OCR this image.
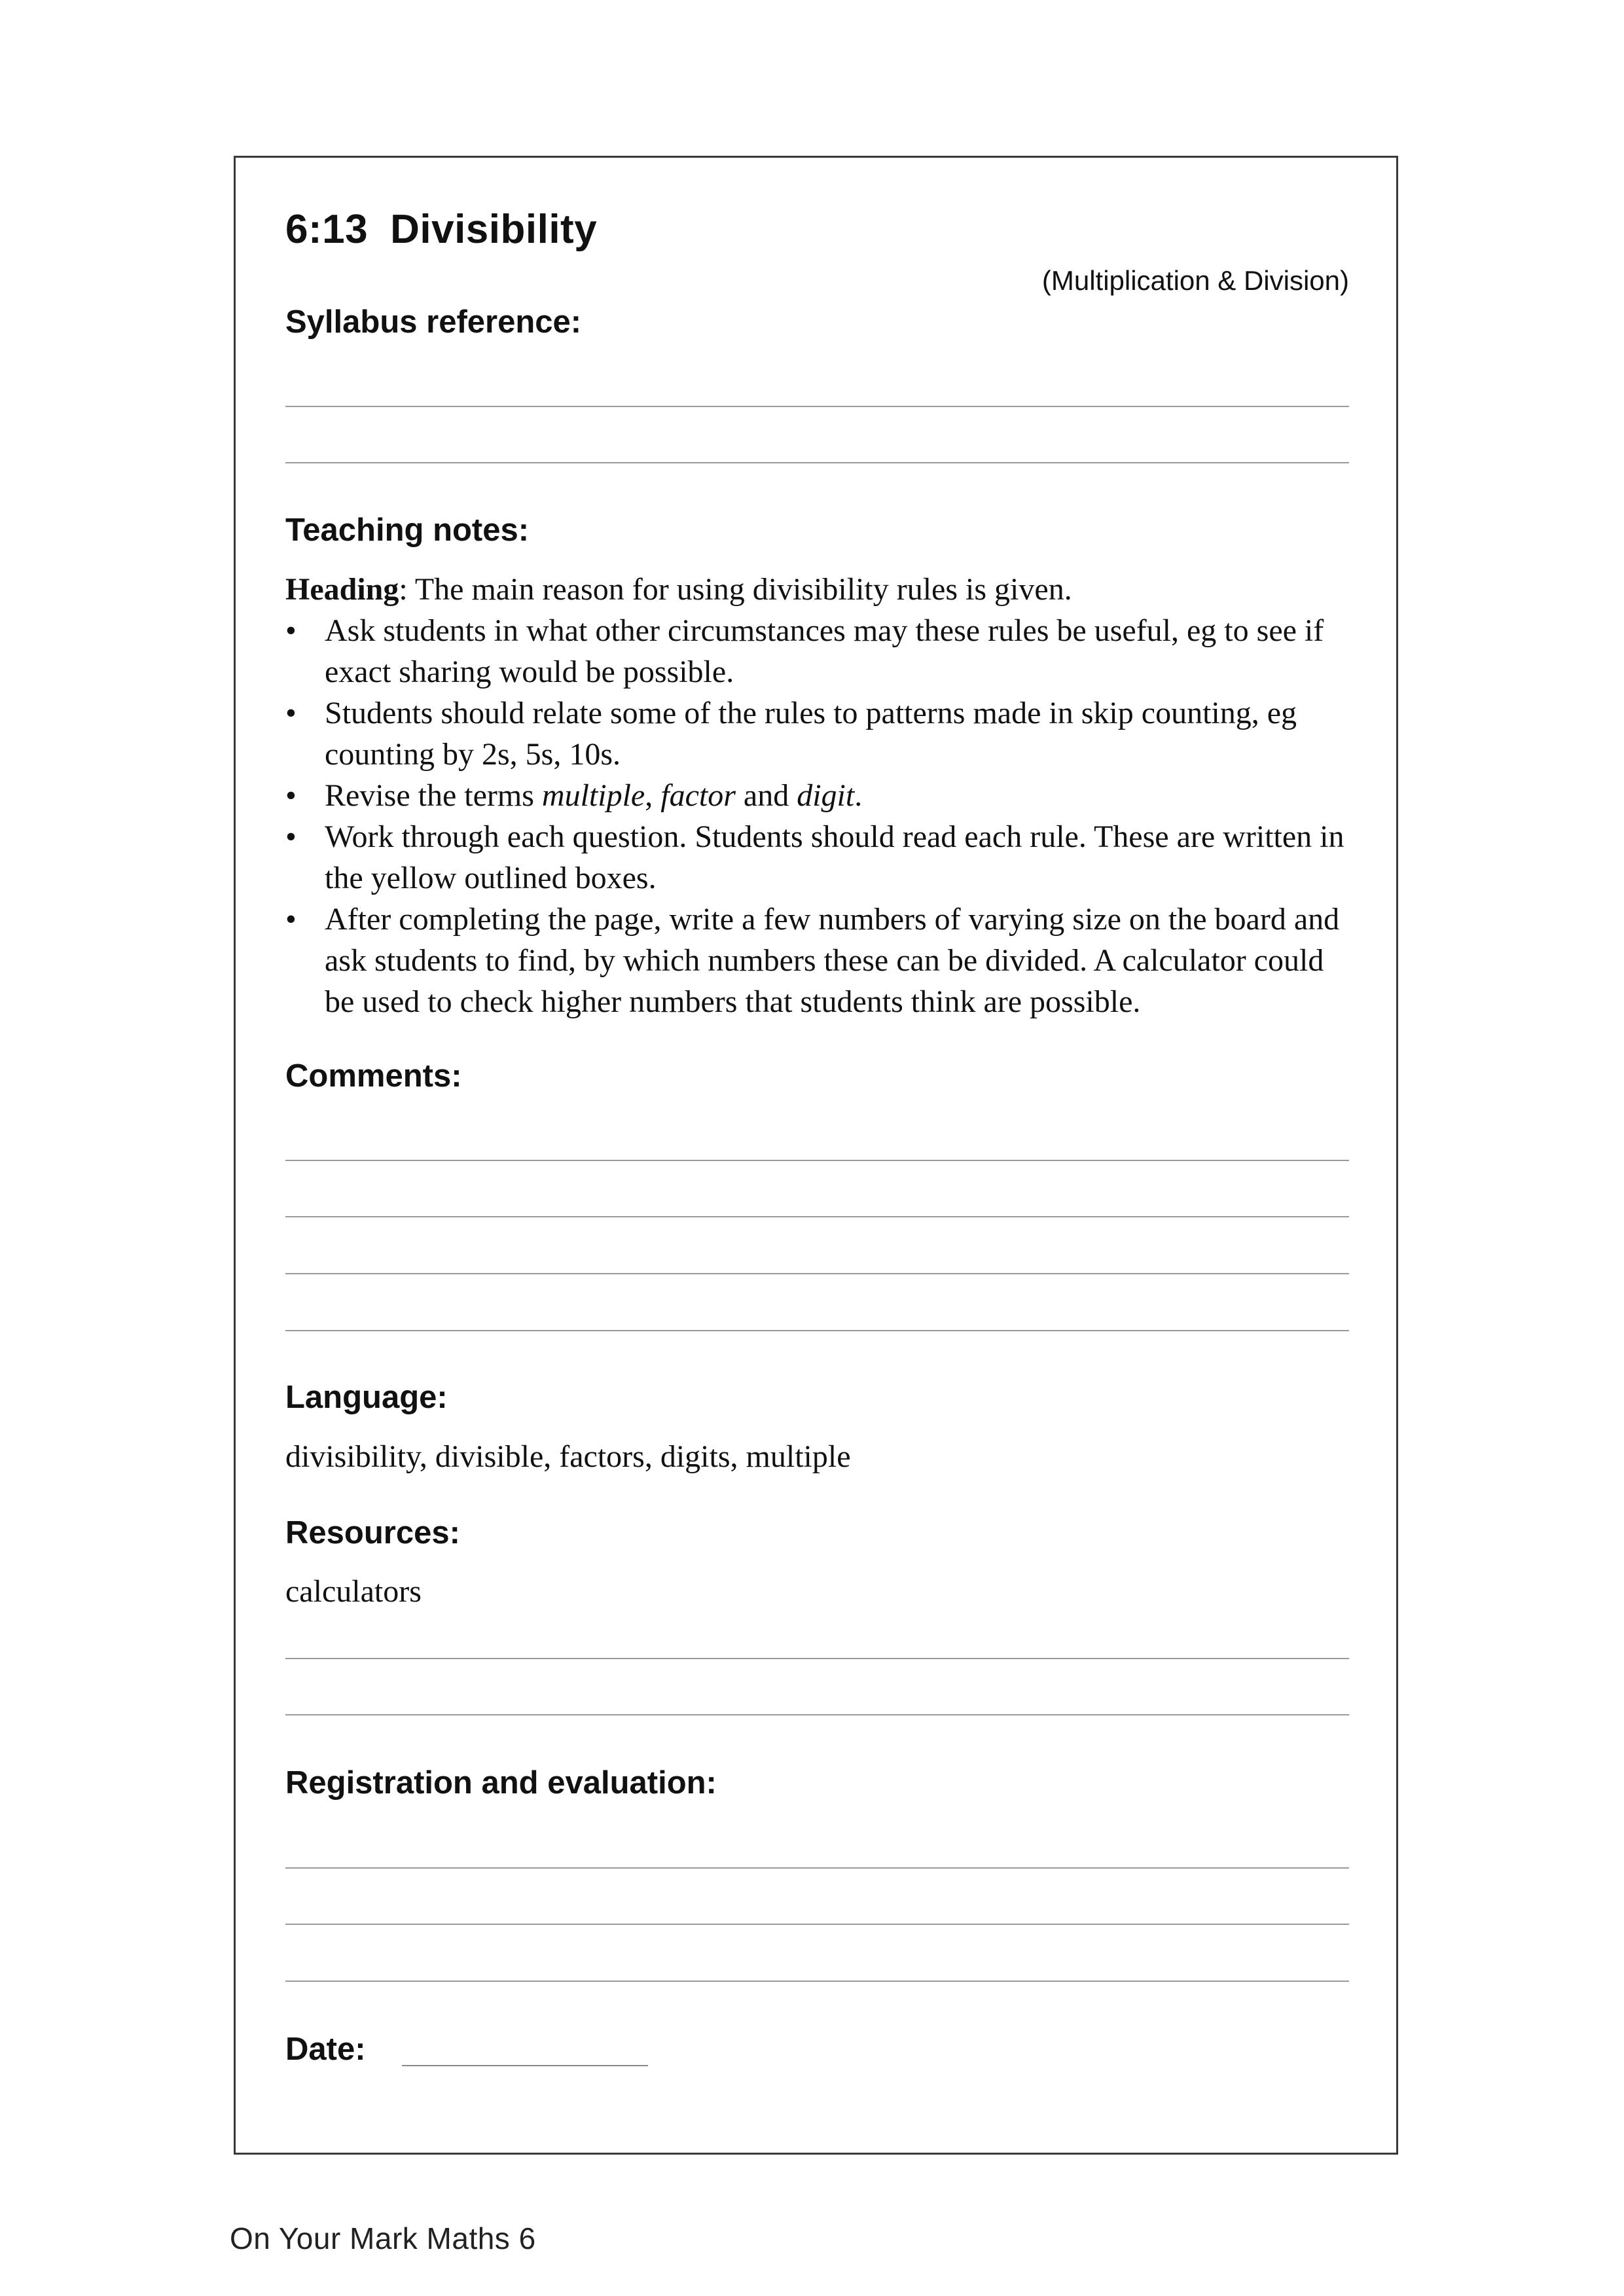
6:13 Divisibility
(Multiplication & Division)
Syllabus reference:
Teaching notes:
Heading: The main reason for using divisibility rules is given.
• Ask students in what other circumstances may these rules be useful, eg to see if exact sharing would be possible.
• Students should relate some of the rules to patterns made in skip counting, eg counting by 2s, 5s, 10s.
• Revise the terms multiple, factor and digit.
• Work through each question. Students should read each rule. These are written in the yellow outlined boxes.
• After completing the page, write a few numbers of varying size on the board and ask students to find, by which numbers these can be divided. A calculator could be used to check higher numbers that students think are possible.
Comments:
Language:
divisibility, divisible, factors, digits, multiple
Resources:
calculators
Registration and evaluation:
Date:
On Your Mark Maths 6
